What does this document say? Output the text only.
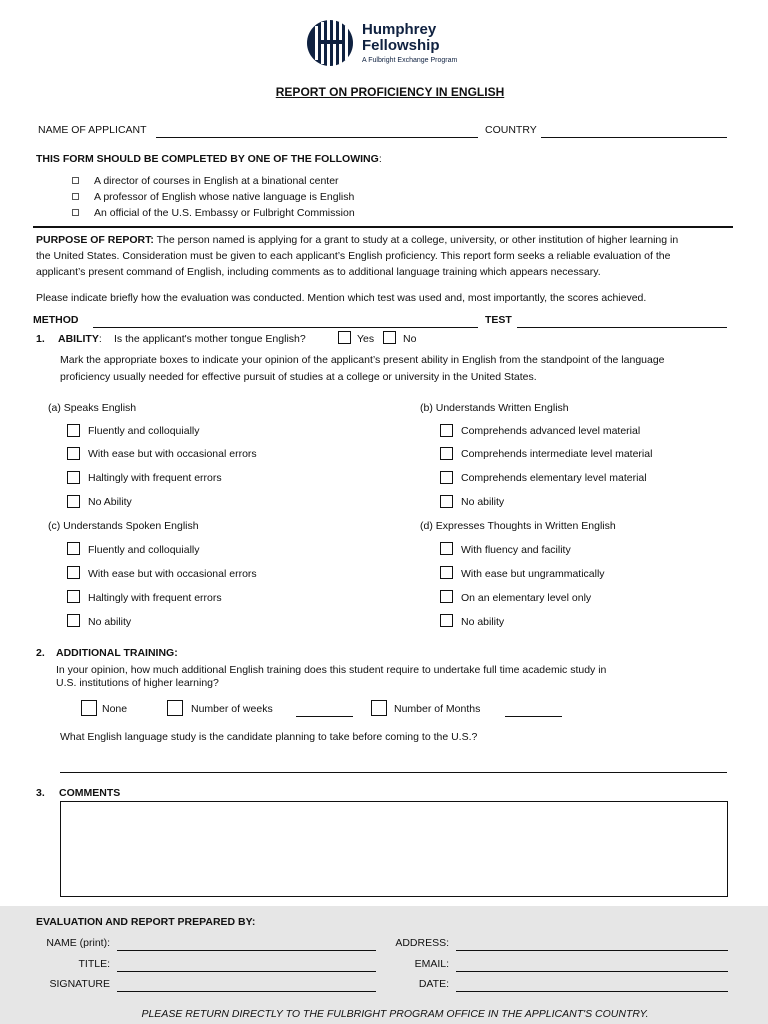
Humphrey
Fellowship
A Fulbright Exchange Program
REPORT ON PROFICIENCY IN ENGLISH
NAME OF APPLICANT	COUNTRY
THIS FORM SHOULD BE COMPLETED BY ONE OF THE FOLLOWING:
A director of courses in English at a binational center
A professor of English whose native language is English
An official of the U.S. Embassy or Fulbright Commission
PURPOSE OF REPORT: The person named is applying for a grant to study at a college, university, or other institution of higher learning in
the United States. Consideration must be given to each applicant’s English proficiency. This report form seeks a reliable evaluation of the
applicant’s present command of English, including comments as to additional language training which appears necessary.
Please indicate briefly how the evaluation was conducted. Mention which test was used and, most importantly, the scores achieved.
METHOD	TEST
1. ABILITY: Is the applicant's mother tongue English?	Yes	No
Mark the appropriate boxes to indicate your opinion of the applicant’s present ability in English from the standpoint of the language
proficiency usually needed for effective pursuit of studies at a college or university in the United States.
(a) Speaks English
Fluently and colloquially
With ease but with occasional errors
Haltingly with frequent errors
No Ability
(b) Understands Written English
Comprehends advanced level material
Comprehends intermediate level material
Comprehends elementary level material
No ability
(c) Understands Spoken English
Fluently and colloquially
With ease but with occasional errors
Haltingly with frequent errors
No ability
(d) Expresses Thoughts in Written English
With fluency and facility
With ease but ungrammatically
On an elementary level only
No ability
2. ADDITIONAL TRAINING:
In your opinion, how much additional English training does this student require to undertake full time academic study in
U.S. institutions of higher learning?
None	Number of weeks	Number of Months
What English language study is the candidate planning to take before coming to the U.S.?
3. COMMENTS
EVALUATION AND REPORT PREPARED BY:
NAME (print):
TITLE:
SIGNATURE
ADDRESS:
EMAIL:
DATE:
PLEASE RETURN DIRECTLY TO THE FULBRIGHT PROGRAM OFFICE IN THE APPLICANT'S COUNTRY.
